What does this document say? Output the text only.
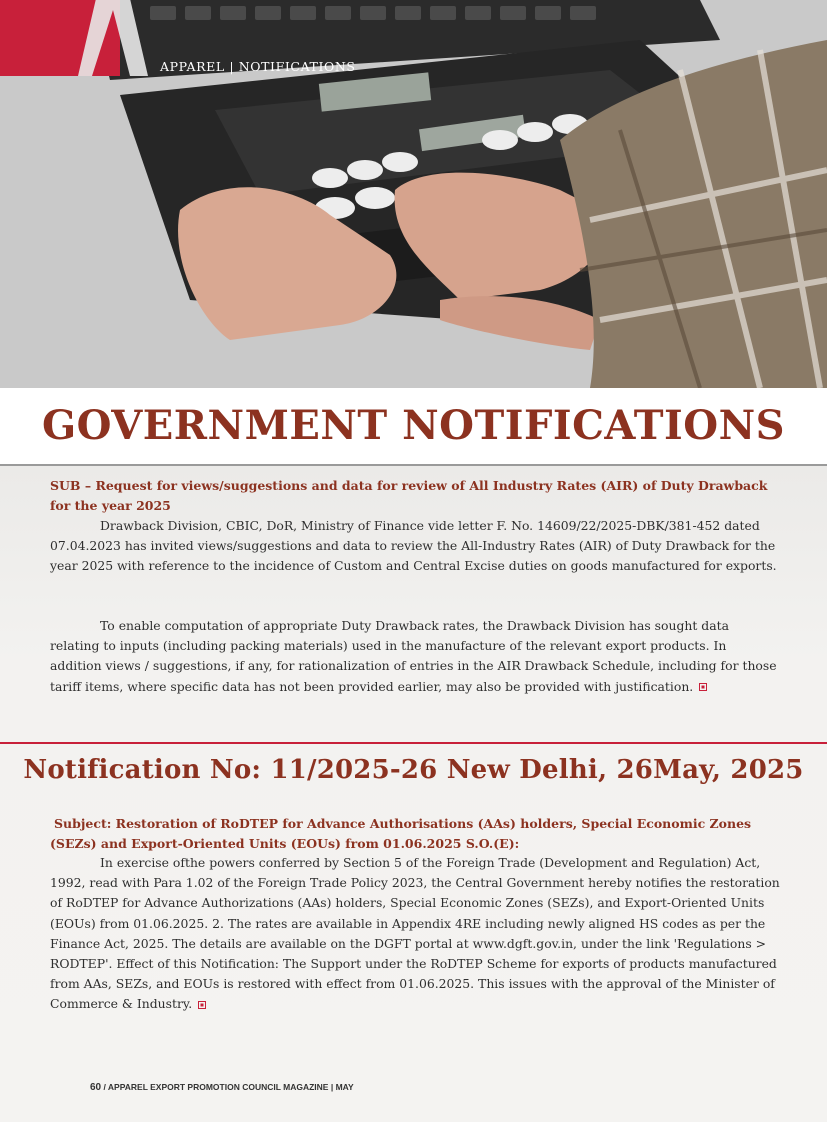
APPAREL | NOTIFICATIONS
GOVERNMENT NOTIFICATIONS

SUB – Request for views/suggestions and data for review of All Industry Rates (AIR) of Duty Drawback for the year 2025

Drawback Division, CBIC, DoR, Ministry of Finance vide letter F. No. 14609/22/2025-DBK/381-452 dated 07.04.2023 has invited views/suggestions and data to review the All-Industry Rates (AIR) of Duty Drawback for the year 2025 with reference to the incidence of Custom and Central Excise duties on goods manufactured for exports.

To enable computation of appropriate Duty Drawback rates, the Drawback Division has sought data relating to inputs (including packing materials) used in the manufacture of the relevant export products. In addition views / suggestions, if any, for rationalization of entries in the AIR Drawback Schedule, including for those tariff items, where specific data has not been provided earlier, may also be provided with justification.

Notification No: 11/2025-26 New Delhi, 26May, 2025

Subject: Restoration of RoDTEP for Advance Authorisations (AAs) holders, Special Economic Zones (SEZs) and Export-Oriented Units (EOUs) from 01.06.2025 S.O.(E):

In exercise ofthe powers conferred by Section 5 of the Foreign Trade (Development and Regulation) Act, 1992, read with Para 1.02 of the Foreign Trade Policy 2023, the Central Government hereby notifies the restoration of RoDTEP for Advance Authorizations (AAs) holders, Special Economic Zones (SEZs), and Export-Oriented Units (EOUs) from 01.06.2025. 2. The rates are available in Appendix 4RE including newly aligned HS codes as per the Finance Act, 2025. The details are available on the DGFT portal at www.dgft.gov.in, under the link 'Regulations > RODTEP'. Effect of this Notification: The Support under the RoDTEP Scheme for exports of products manufactured from AAs, SEZs, and EOUs is restored with effect from 01.06.2025. This issues with the approval of the Minister of Commerce & Industry.

60 / APPAREL EXPORT PROMOTION COUNCIL MAGAZINE | MAY
